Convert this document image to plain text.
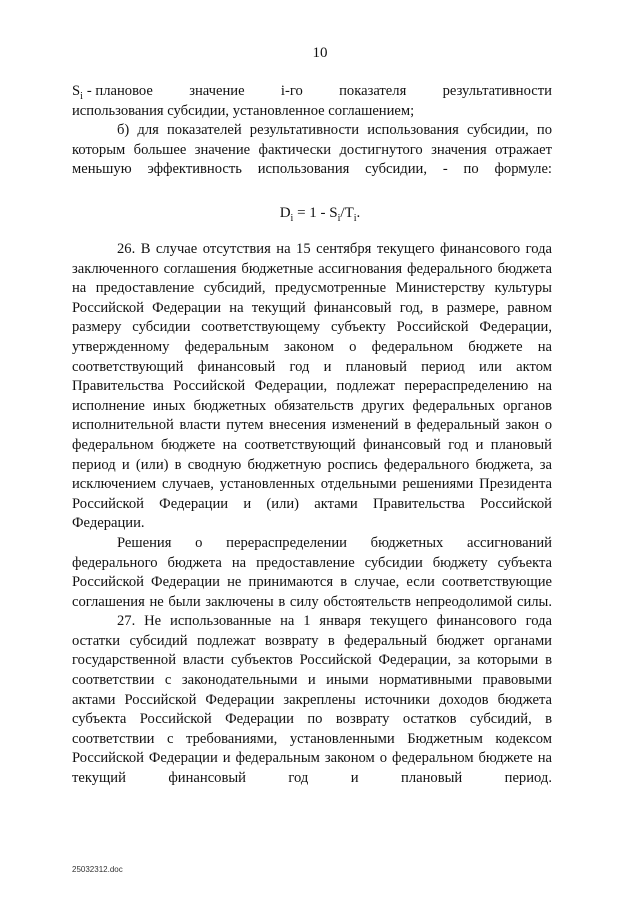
10
$S_i$ - плановое значение i-го показателя результативности

использования субсидии, установленное соглашением;

б) для показателей результативности использования субсидии, по которым большее значение фактически достигнутого значения отражает меньшую эффективность использования субсидии, - по формуле:

$D_i = 1 - S_i/T_i$.

26. В случае отсутствия на 15 сентября текущего финансового года заключенного соглашения бюджетные ассигнования федерального бюджета на предоставление субсидий, предусмотренные Министерству культуры Российской Федерации на текущий финансовый год, в размере, равном размеру субсидии соответствующему субъекту Российской Федерации, утвержденному федеральным законом о федеральном бюджете на соответствующий финансовый год и плановый период или актом Правительства Российской Федерации, подлежат перераспределению на исполнение иных бюджетных обязательств других федеральных органов исполнительной власти путем внесения изменений в федеральный закон о федеральном бюджете на соответствующий финансовый год и плановый период и (или) в сводную бюджетную роспись федерального бюджета, за исключением случаев, установленных отдельными решениями Президента Российской Федерации и (или) актами Правительства Российской Федерации.

Решения о перераспределении бюджетных ассигнований федерального бюджета на предоставление субсидии бюджету субъекта Российской Федерации не принимаются в случае, если соответствующие соглашения не были заключены в силу обстоятельств непреодолимой силы.

27. Не использованные на 1 января текущего финансового года остатки субсидий подлежат возврату в федеральный бюджет органами государственной власти субъектов Российской Федерации, за которыми в соответствии с законодательными и иными нормативными правовыми актами Российской Федерации закреплены источники доходов бюджета субъекта Российской Федерации по возврату остатков субсидий, в соответствии с требованиями, установленными Бюджетным кодексом Российской Федерации и федеральным законом о федеральном бюджете на текущий финансовый год и плановый период.

25032312.doc
